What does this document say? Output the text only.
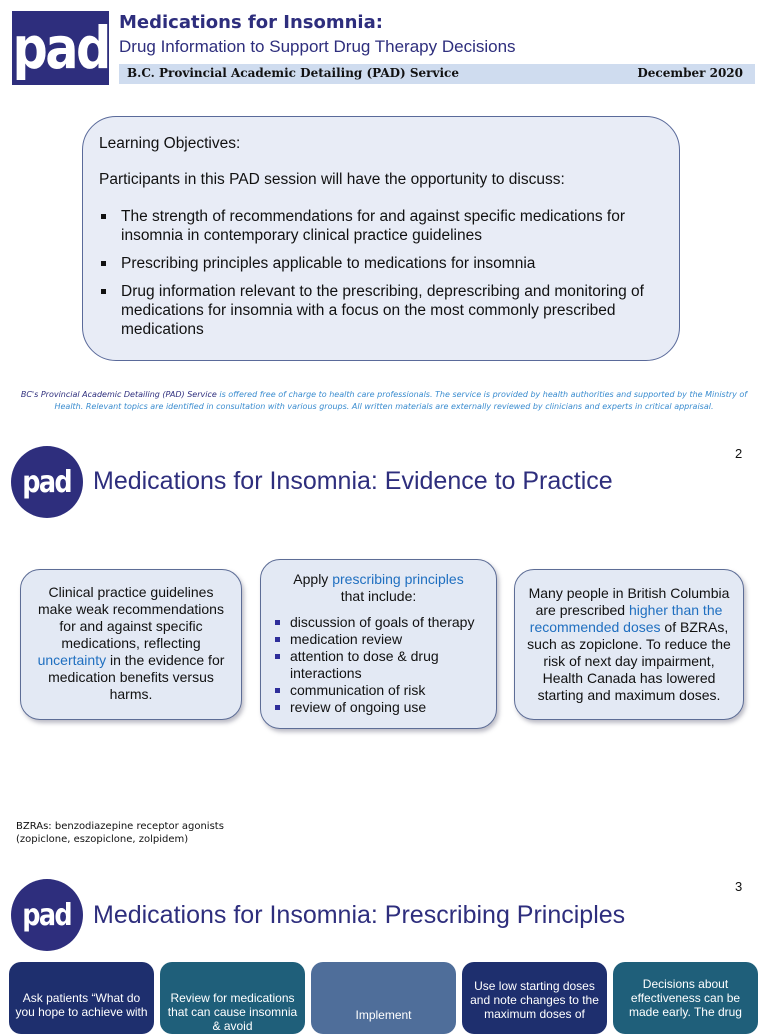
pad Medications for Insomnia:
Drug Information to Support Drug Therapy Decisions
B.C. Provincial Academic Detailing (PAD) Service	December 2020
Learning Objectives:
Participants in this PAD session will have the opportunity to discuss:
The strength of recommendations for and against specific medications for insomnia in contemporary clinical practice guidelines
Prescribing principles applicable to medications for insomnia
Drug information relevant to the prescribing, deprescribing and monitoring of medications for insomnia with a focus on the most commonly prescribed medications
BC's Provincial Academic Detailing (PAD) Service is offered free of charge to health care professionals. The service is provided by health authorities and supported by the Ministry of Health. Relevant topics are identified in consultation with various groups. All written materials are externally reviewed by clinicians and experts in critical appraisal.
2
pad Medications for Insomnia: Evidence to Practice
Clinical practice guidelines make weak recommendations for and against specific medications, reflecting uncertainty in the evidence for medication benefits versus harms.
Apply prescribing principles
that include:
discussion of goals of therapy
medication review
attention to dose & drug interactions
communication of risk
review of ongoing use
Many people in British Columbia are prescribed higher than the recommended doses of BZRAs, such as zopiclone. To reduce the risk of next day impairment, Health Canada has lowered starting and maximum doses.
BZRAs: benzodiazepine receptor agonists
(zopiclone, eszopiclone, zolpidem)
3
pad Medications for Insomnia: Prescribing Principles
Ask patients “What do you hope to achieve with
Review for medications that can cause insomnia & avoid
Implement
Use low starting doses and note changes to the maximum doses of
Decisions about effectiveness can be made early. The drug
